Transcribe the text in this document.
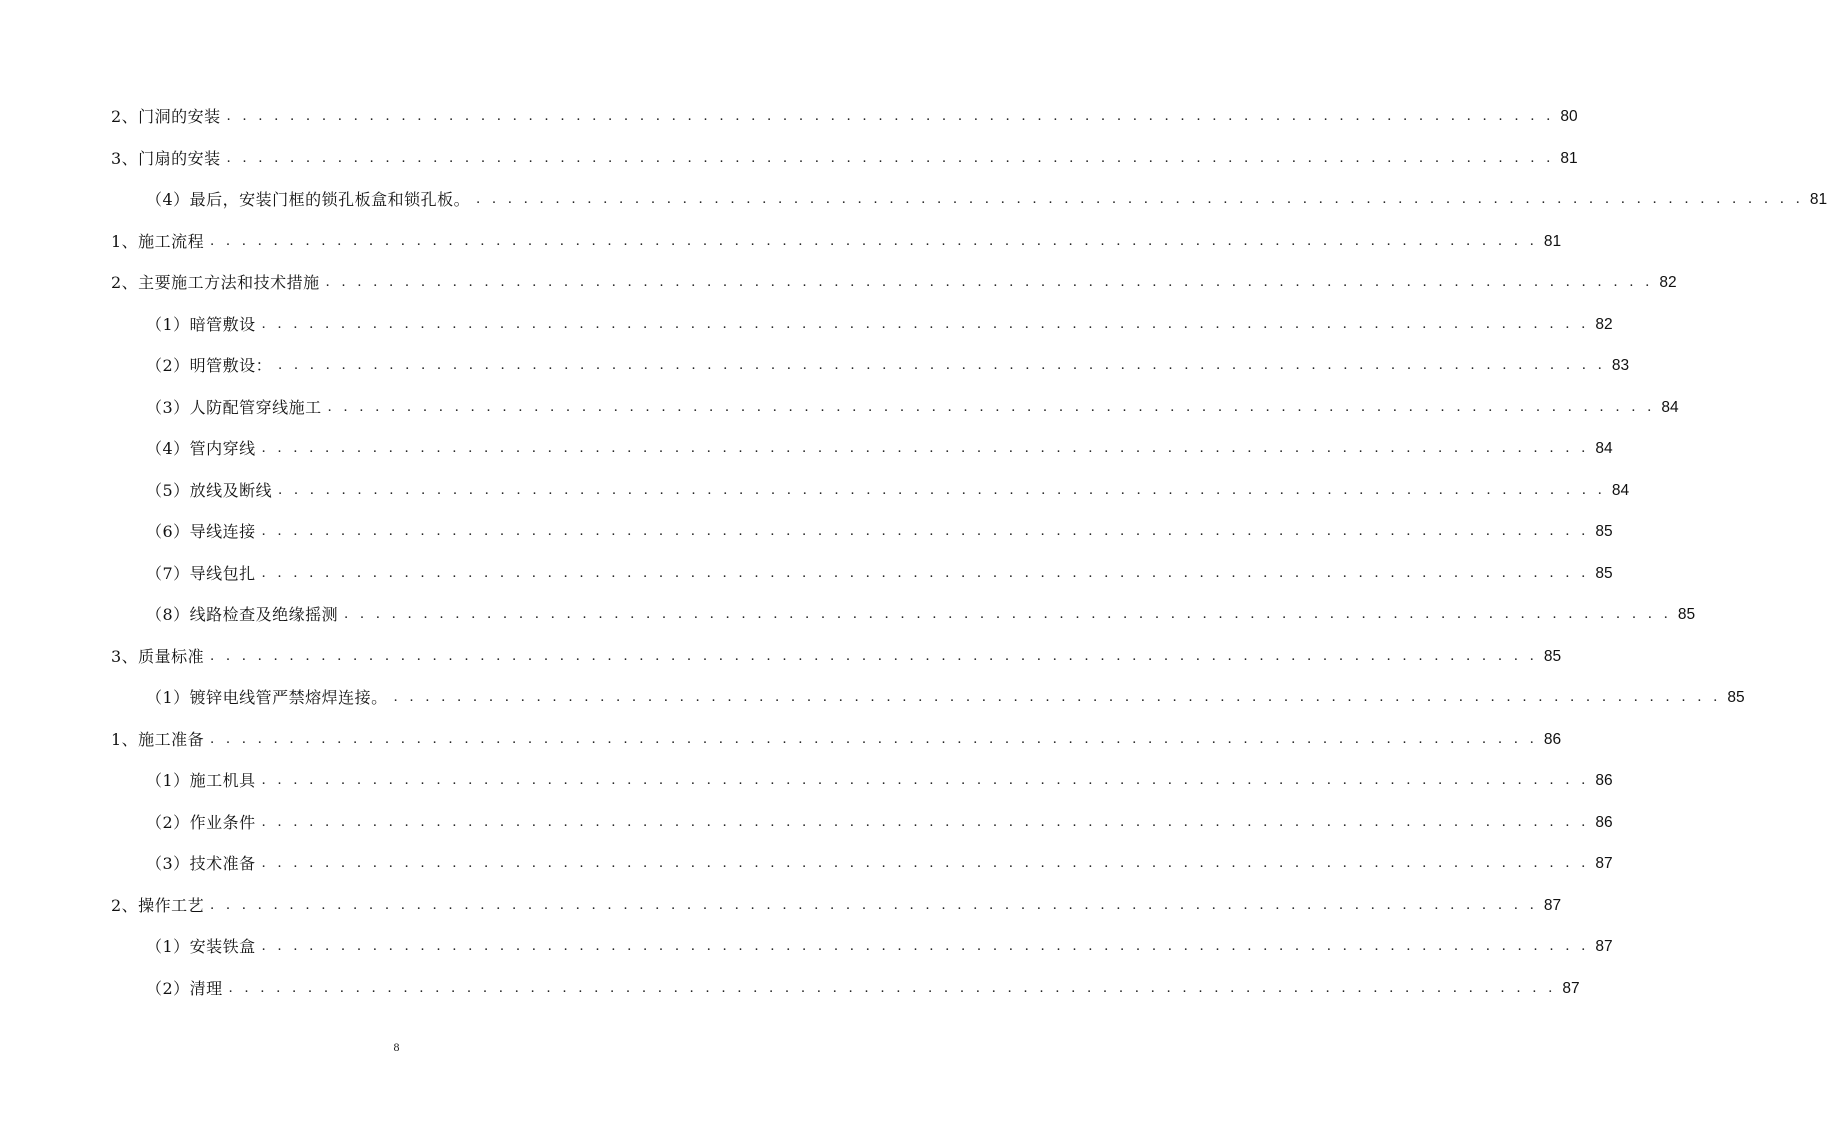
2、门洞的安装 . . . . . . . . . . . . . . . . . . . . . . . . . . . . . . . . . . . . . . . . . . . . . . . . . . . . . . . . . . . . . . . . . . . . . . . . . . . . . . . . . . . . 80
3、门扇的安装 . . . . . . . . . . . . . . . . . . . . . . . . . . . . . . . . . . . . . . . . . . . . . . . . . . . . . . . . . . . . . . . . . . . . . . . . . . . . . . . . . . . . 81
（4）最后，安装门框的锁孔板盒和锁孔板。 . . . . . . . . . . . . . . . . . . . . . . . . . . . . . . . . . . . . . . . . . . . . . . . . . . . . . . . . . . . . . . . . . . . . . . . . . . . . . . . . . . . . 81
1、施工流程 . . . . . . . . . . . . . . . . . . . . . . . . . . . . . . . . . . . . . . . . . . . . . . . . . . . . . . . . . . . . . . . . . . . . . . . . . . . . . . . . . . . . 81
2、主要施工方法和技术措施 . . . . . . . . . . . . . . . . . . . . . . . . . . . . . . . . . . . . . . . . . . . . . . . . . . . . . . . . . . . . . . . . . . . . . . . . . . . . . . . . . . . . 82
（1）暗管敷设 . . . . . . . . . . . . . . . . . . . . . . . . . . . . . . . . . . . . . . . . . . . . . . . . . . . . . . . . . . . . . . . . . . . . . . . . . . . . . . . . . . . . 82
（2）明管敷设： . . . . . . . . . . . . . . . . . . . . . . . . . . . . . . . . . . . . . . . . . . . . . . . . . . . . . . . . . . . . . . . . . . . . . . . . . . . . . . . . . . . . 83
（3）人防配管穿线施工 . . . . . . . . . . . . . . . . . . . . . . . . . . . . . . . . . . . . . . . . . . . . . . . . . . . . . . . . . . . . . . . . . . . . . . . . . . . . . . . . . . . . 84
（4）管内穿线 . . . . . . . . . . . . . . . . . . . . . . . . . . . . . . . . . . . . . . . . . . . . . . . . . . . . . . . . . . . . . . . . . . . . . . . . . . . . . . . . . . . . 84
（5）放线及断线 . . . . . . . . . . . . . . . . . . . . . . . . . . . . . . . . . . . . . . . . . . . . . . . . . . . . . . . . . . . . . . . . . . . . . . . . . . . . . . . . . . . . 84
（6）导线连接 . . . . . . . . . . . . . . . . . . . . . . . . . . . . . . . . . . . . . . . . . . . . . . . . . . . . . . . . . . . . . . . . . . . . . . . . . . . . . . . . . . . . 85
（7）导线包扎 . . . . . . . . . . . . . . . . . . . . . . . . . . . . . . . . . . . . . . . . . . . . . . . . . . . . . . . . . . . . . . . . . . . . . . . . . . . . . . . . . . . . 85
（8）线路检查及绝缘摇测 . . . . . . . . . . . . . . . . . . . . . . . . . . . . . . . . . . . . . . . . . . . . . . . . . . . . . . . . . . . . . . . . . . . . . . . . . . . . . . . . . . . . 85
3、质量标准 . . . . . . . . . . . . . . . . . . . . . . . . . . . . . . . . . . . . . . . . . . . . . . . . . . . . . . . . . . . . . . . . . . . . . . . . . . . . . . . . . . . . 85
（1）镀锌电线管严禁熔焊连接。 . . . . . . . . . . . . . . . . . . . . . . . . . . . . . . . . . . . . . . . . . . . . . . . . . . . . . . . . . . . . . . . . . . . . . . . . . . . . . . . . . . . . 85
1、施工准备 . . . . . . . . . . . . . . . . . . . . . . . . . . . . . . . . . . . . . . . . . . . . . . . . . . . . . . . . . . . . . . . . . . . . . . . . . . . . . . . . . . . . 86
（1）施工机具 . . . . . . . . . . . . . . . . . . . . . . . . . . . . . . . . . . . . . . . . . . . . . . . . . . . . . . . . . . . . . . . . . . . . . . . . . . . . . . . . . . . . 86
（2）作业条件 . . . . . . . . . . . . . . . . . . . . . . . . . . . . . . . . . . . . . . . . . . . . . . . . . . . . . . . . . . . . . . . . . . . . . . . . . . . . . . . . . . . . 86
（3）技术准备 . . . . . . . . . . . . . . . . . . . . . . . . . . . . . . . . . . . . . . . . . . . . . . . . . . . . . . . . . . . . . . . . . . . . . . . . . . . . . . . . . . . . 87
2、操作工艺 . . . . . . . . . . . . . . . . . . . . . . . . . . . . . . . . . . . . . . . . . . . . . . . . . . . . . . . . . . . . . . . . . . . . . . . . . . . . . . . . . . . . 87
（1）安装铁盒 . . . . . . . . . . . . . . . . . . . . . . . . . . . . . . . . . . . . . . . . . . . . . . . . . . . . . . . . . . . . . . . . . . . . . . . . . . . . . . . . . . . . 87
（2）清理 . . . . . . . . . . . . . . . . . . . . . . . . . . . . . . . . . . . . . . . . . . . . . . . . . . . . . . . . . . . . . . . . . . . . . . . . . . . . . . . . . . . . 87
8
